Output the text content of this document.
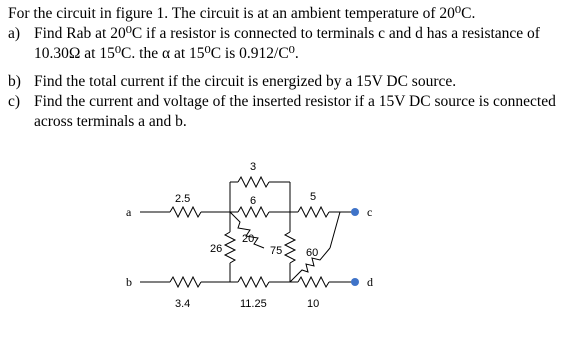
For the circuit in figure 1. The circuit is at an ambient temperature of 20⁰C.
a) Find Rab at 20⁰C if a resistor is connected to terminals c and d has a resistance of
10.30Ω at 15⁰C. the α at 15⁰C is 0.912/C⁰.
b) Find the total current if the circuit is energized by a 15V DC source.
c) Find the current and voltage of the inserted resistor if a 15V DC source is connected
across terminals a and b.
a
b
c
d
2.5
3.4
3
6
26
20
11.25
75
5
60
10
